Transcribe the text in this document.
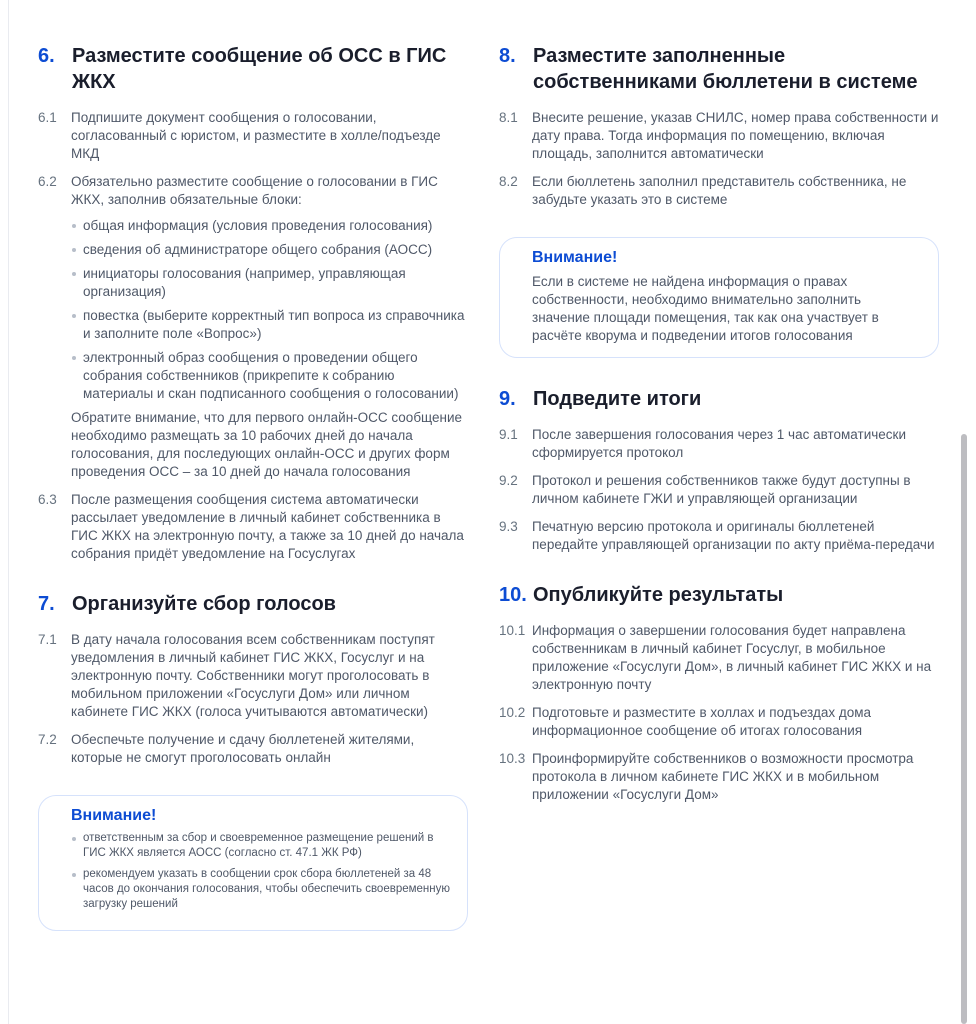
6. Разместите сообщение об ОСС в ГИС ЖКХ
6.1	Подпишите документ сообщения о голосовании, согласованный с юристом, и разместите в холле/подъезде МКД
6.2	Обязательно разместите сообщение о голосовании в ГИС ЖКХ, заполнив обязательные блоки:
общая информация (условия проведения голосования)
сведения об администраторе общего собрания (АОСС)
инициаторы голосования (например, управляющая организация)
повестка (выберите корректный тип вопроса из справочника и заполните поле «Вопрос»)
электронный образ сообщения о проведении общего собрания собственников (прикрепите к собранию материалы и скан подписанного сообщения о голосовании)
Обратите внимание, что для первого онлайн-ОСС сообщение необходимо размещать за 10 рабочих дней до начала голосования, для последующих онлайн-ОСС и других форм проведения ОСС – за 10 дней до начала голосования
6.3	После размещения сообщения система автоматически рассылает уведомление в личный кабинет собственника в ГИС ЖКХ на электронную почту, а также за 10 дней до начала собрания придёт уведомление на Госуслугах
7. Организуйте сбор голосов
7.1	В дату начала голосования всем собственникам поступят уведомления в личный кабинет ГИС ЖКХ, Госуслуг и на электронную почту. Собственники могут проголосовать в мобильном приложении «Госуслуги Дом» или личном кабинете ГИС ЖКХ (голоса учитываются автоматически)
7.2	Обеспечьте получение и сдачу бюллетеней жителями, которые не смогут проголосовать онлайн
Внимание!
ответственным за сбор и своевременное размещение решений в ГИС ЖКХ является АОСС (согласно ст. 47.1 ЖК РФ)
рекомендуем указать в сообщении срок сбора бюллетеней за 48 часов до окончания голосования, чтобы обеспечить своевременную загрузку решений
8. Разместите заполненные собственниками бюллетени в системе
8.1	Внесите решение, указав СНИЛС, номер права собственности и дату права. Тогда информация по помещению, включая площадь, заполнится автоматически
8.2	Если бюллетень заполнил представитель собственника, не забудьте указать это в системе
Внимание!
Если в системе не найдена информация о правах собственности, необходимо внимательно заполнить значение площади помещения, так как она участвует в расчёте кворума и подведении итогов голосования
9. Подведите итоги
9.1	После завершения голосования через 1 час автоматически сформируется протокол
9.2	Протокол и решения собственников также будут доступны в личном кабинете ГЖИ и управляющей организации
9.3	Печатную версию протокола и оригиналы бюллетеней передайте управляющей организации по акту приёма-передачи
10. Опубликуйте результаты
10.1 Информация о завершении голосования будет направлена собственникам в личный кабинет Госуслуг, в мобильное приложение «Госуслуги Дом», в личный кабинет ГИС ЖКХ и на электронную почту
10.2 Подготовьте и разместите в холлах и подъездах дома информационное сообщение об итогах голосования
10.3 Проинформируйте собственников о возможности просмотра протокола в личном кабинете ГИС ЖКХ и в мобильном приложении «Госуслуги Дом»
